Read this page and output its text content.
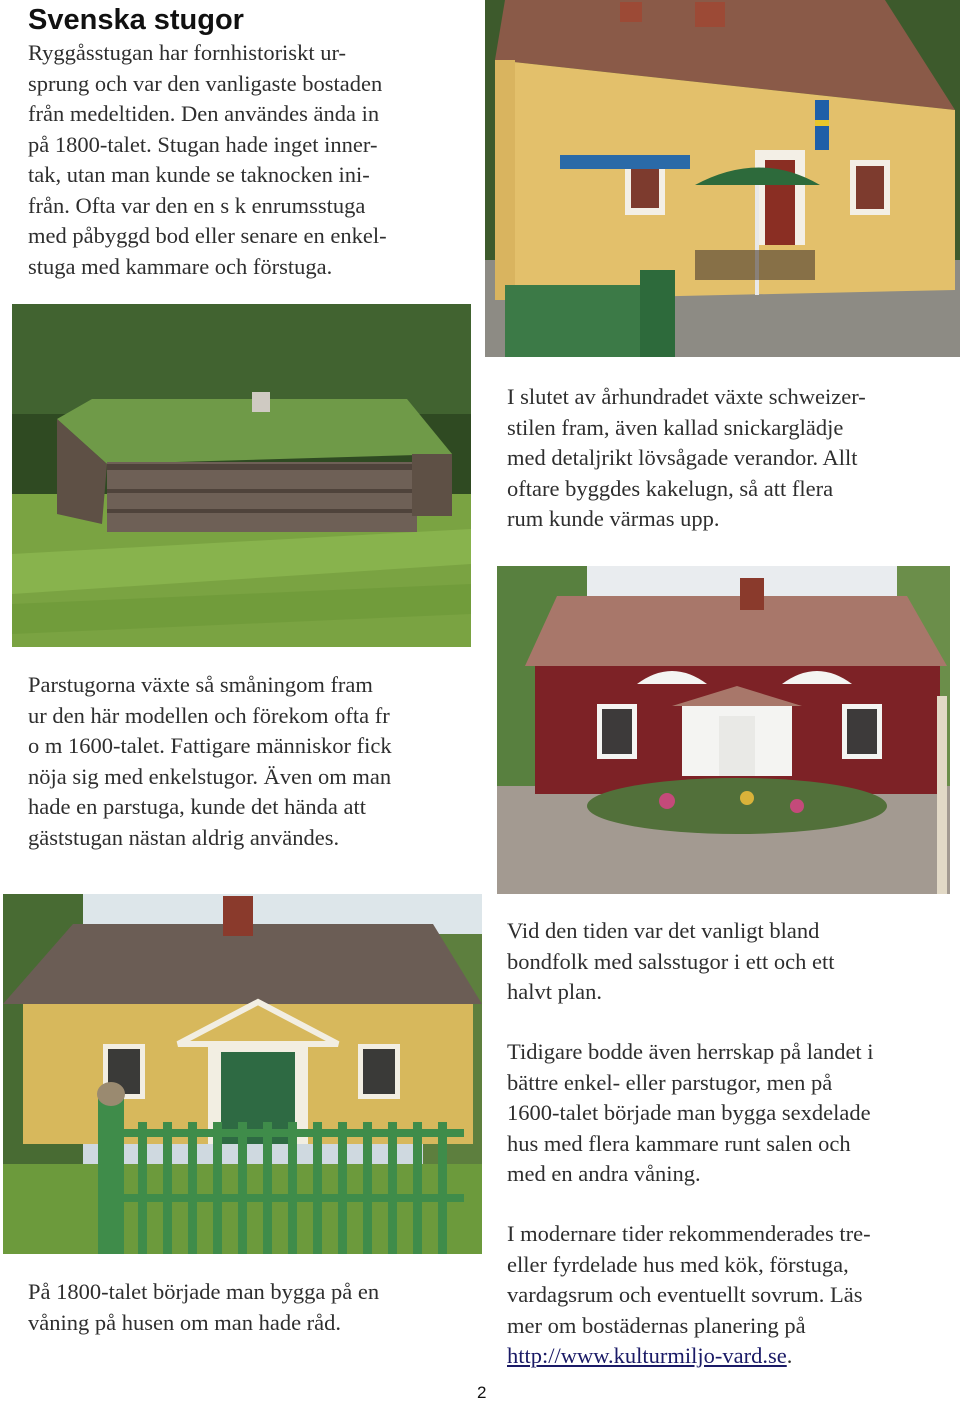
Svenska stugor
Ryggåsstugan har fornhistoriskt ur-
sprung och var den vanligaste bostaden
från medeltiden. Den användes ända in
på 1800-talet. Stugan hade inget inner-
tak, utan man kunde se taknocken ini-
från. Ofta var den en s k enrumsstuga
med påbyggd bod eller senare en enkel-
stuga med kammare och förstuga.
I slutet av århundradet växte schweizer-
stilen fram, även kallad snickarglädje
med detaljrikt lövsågade verandor. Allt
oftare byggdes kakelugn, så att flera
rum kunde värmas upp.
Parstugorna växte så småningom fram
ur den här modellen och förekom ofta fr
o m 1600-talet. Fattigare människor fick
nöja sig med enkelstugor. Även om man
hade en parstuga, kunde det hända att
gäststugan nästan aldrig användes.
Vid den tiden var det vanligt bland
bondfolk med salsstugor i ett och ett
halvt plan.
Tidigare bodde även herrskap på landet i
bättre enkel- eller parstugor, men på
1600-talet började man bygga sexdelade
hus med flera kammare runt salen och
med en andra våning.
I modernare tider rekommenderades tre-
eller fyrdelade hus med kök, förstuga,
vardagsrum och eventuellt sovrum. Läs
mer om bostädernas planering på
http://www.kulturmiljo-vard.se.
På 1800-talet började man bygga på en
våning på husen om man hade råd.
2
